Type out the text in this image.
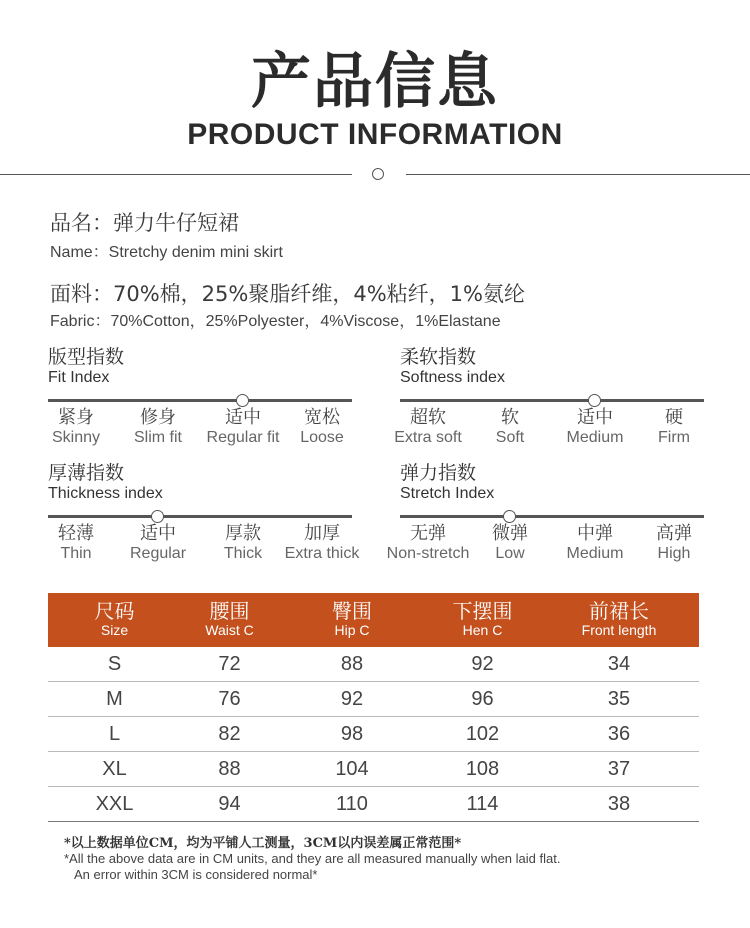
产品信息
PRODUCT INFORMATION
品名：弹力牛仔短裙
Name：Stretchy denim mini skirt
面料：70%棉，25%聚脂纤维，4%粘纤，1%氨纶
Fabric：70%Cotton，25%Polyester，4%Viscose，1%Elastane
版型指数
Fit Index
紧身
Skinny
修身
Slim fit
适中
Regular fit
宽松
Loose
柔软指数
Softness index
超软
Extra soft
软
Soft
适中
Medium
硬
Firm
厚薄指数
Thickness index
轻薄
Thin
适中
Regular
厚款
Thick
加厚
Extra thick
弹力指数
Stretch Index
无弹
Non-stretch
微弹
Low
中弹
Medium
高弹
High
尺码
Size
腰围
Waist C
臀围
Hip C
下摆围
Hen C
前裙长
Front length
S	72	88	92	34
M	76	92	96	35
L	82	98	102	36
XL	88	104	108	37
XXL	94	110	114	38
*以上数据单位CM，均为平铺人工测量，3CM以内误差属正常范围*
*All the above data are in CM units, and they are all measured manually when laid flat.
An error within 3CM is considered normal*
